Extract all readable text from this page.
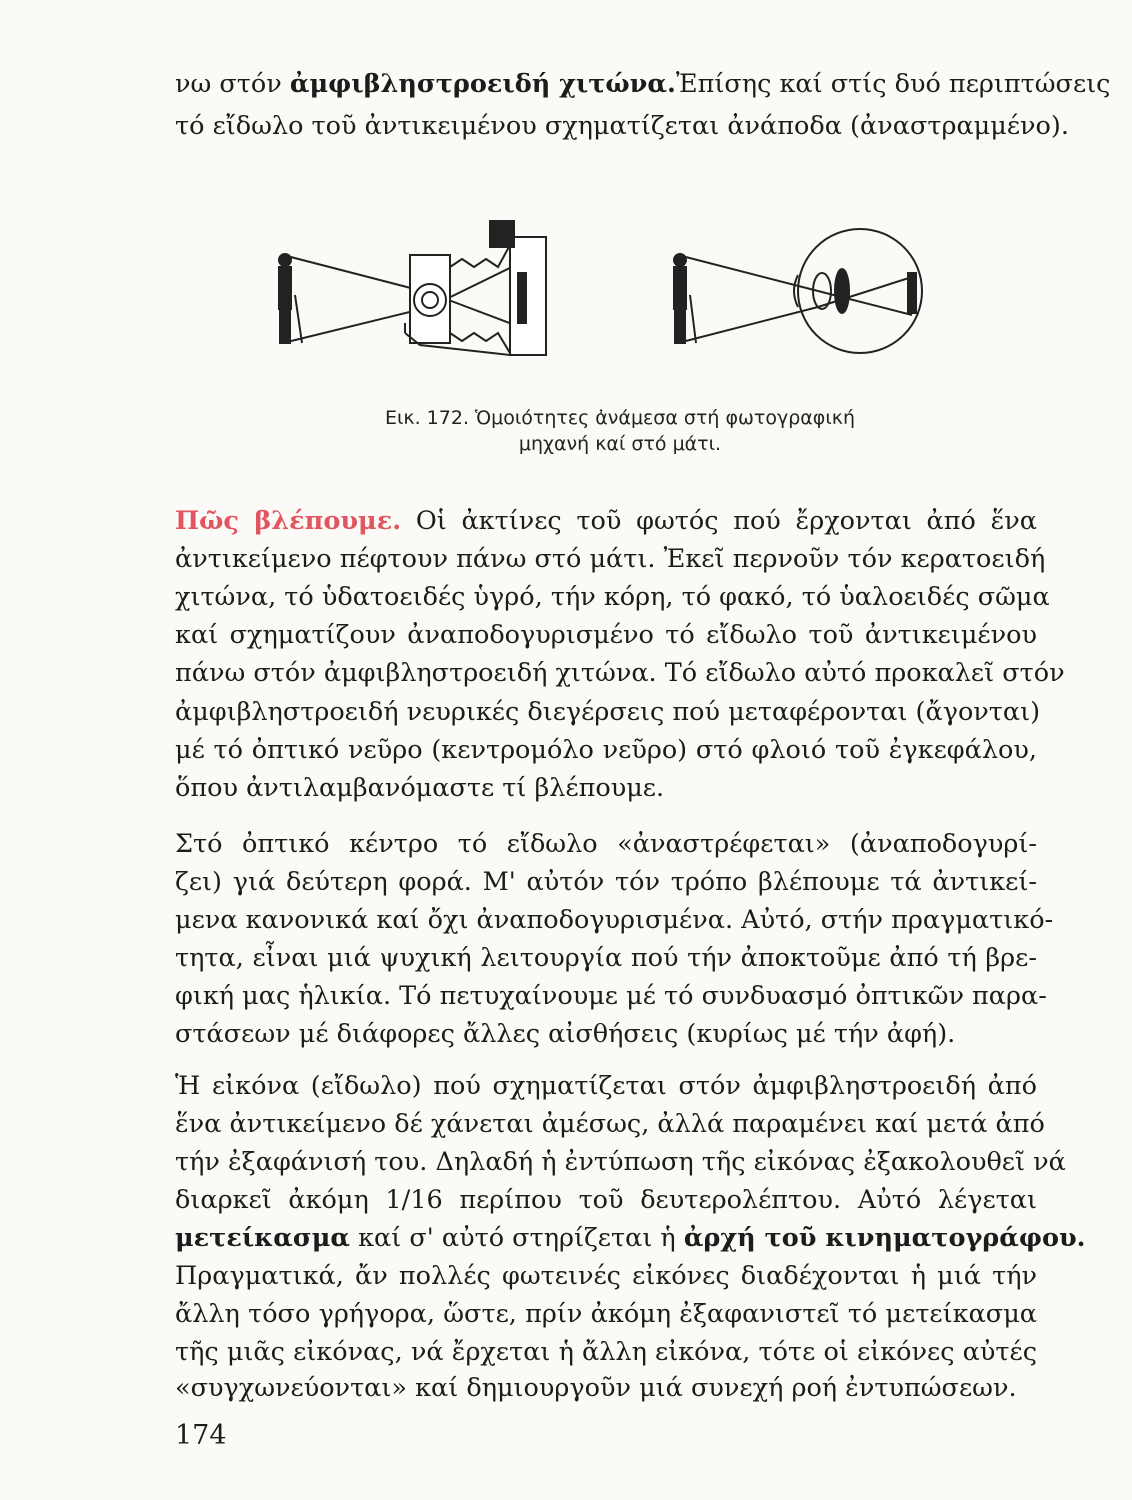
νω στόν ἀμφιβληστροειδή χιτώνα.Ἐπίσης καί στίς δυό περιπτώσεις
τό εἴδωλο τοῦ ἀντικειμένου σχηματίζεται ἀνάποδα (ἀναστραμμένο).
Εικ. 172. Ὁμοιότητες ἀνάμεσα στή φωτογραφική
μηχανή καί στό μάτι.
Πῶς βλέπουμε. Οἱ ἀκτίνες τοῦ φωτός πού ἔρχονται ἀπό ἕνα
ἀντικείμενο πέφτουν πάνω στό μάτι. Ἐκεῖ περνοῦν τόν κερατοειδή
χιτώνα, τό ὑδατοειδές ὑγρό, τήν κόρη, τό φακό, τό ὑαλοειδές σῶμα
καί σχηματίζουν ἀναποδογυρισμένο τό εἴδωλο τοῦ ἀντικειμένου
πάνω στόν ἀμφιβληστροειδή χιτώνα. Τό εἴδωλο αὐτό προκαλεῖ στόν
ἀμφιβληστροειδή νευρικές διεγέρσεις πού μεταφέρονται (ἄγονται)
μέ τό ὀπτικό νεῦρο (κεντρομόλο νεῦρο) στό φλοιό τοῦ ἐγκεφάλου,
ὅπου ἀντιλαμβανόμαστε τί βλέπουμε.
Στό ὀπτικό κέντρο τό εἴδωλο «ἀναστρέφεται» (ἀναποδογυρί-
ζει) γιά δεύτερη φορά. Μ' αὐτόν τόν τρόπο βλέπουμε τά ἀντικεί-
μενα κανονικά καί ὄχι ἀναποδογυρισμένα. Αὐτό, στήν πραγματικό-
τητα, εἶναι μιά ψυχική λειτουργία πού τήν ἀποκτοῦμε ἀπό τή βρε-
φική μας ἡλικία. Τό πετυχαίνουμε μέ τό συνδυασμό ὀπτικῶν παρα-
στάσεων μέ διάφορες ἄλλες αἰσθήσεις (κυρίως μέ τήν ἀφή).
Ἡ εἰκόνα (εἴδωλο) πού σχηματίζεται στόν ἀμφιβληστροειδή ἀπό
ἕνα ἀντικείμενο δέ χάνεται ἀμέσως, ἀλλά παραμένει καί μετά ἀπό
τήν ἐξαφάνισή του. Δηλαδή ἡ ἐντύπωση τῆς εἰκόνας ἐξακολουθεῖ νά
διαρκεῖ ἀκόμη 1/16 περίπου τοῦ δευτερολέπτου. Αὐτό λέγεται
μετείκασμα καί σ' αὐτό στηρίζεται ἡ ἀρχή τοῦ κινηματογράφου.
Πραγματικά, ἄν πολλές φωτεινές εἰκόνες διαδέχονται ἡ μιά τήν
ἄλλη τόσο γρήγορα, ὥστε, πρίν ἀκόμη ἐξαφανιστεῖ τό μετείκασμα
τῆς μιᾶς εἰκόνας, νά ἔρχεται ἡ ἄλλη εἰκόνα, τότε οἱ εἰκόνες αὐτές
«συγχωνεύονται» καί δημιουργοῦν μιά συνεχή ροή ἐντυπώσεων.
174
